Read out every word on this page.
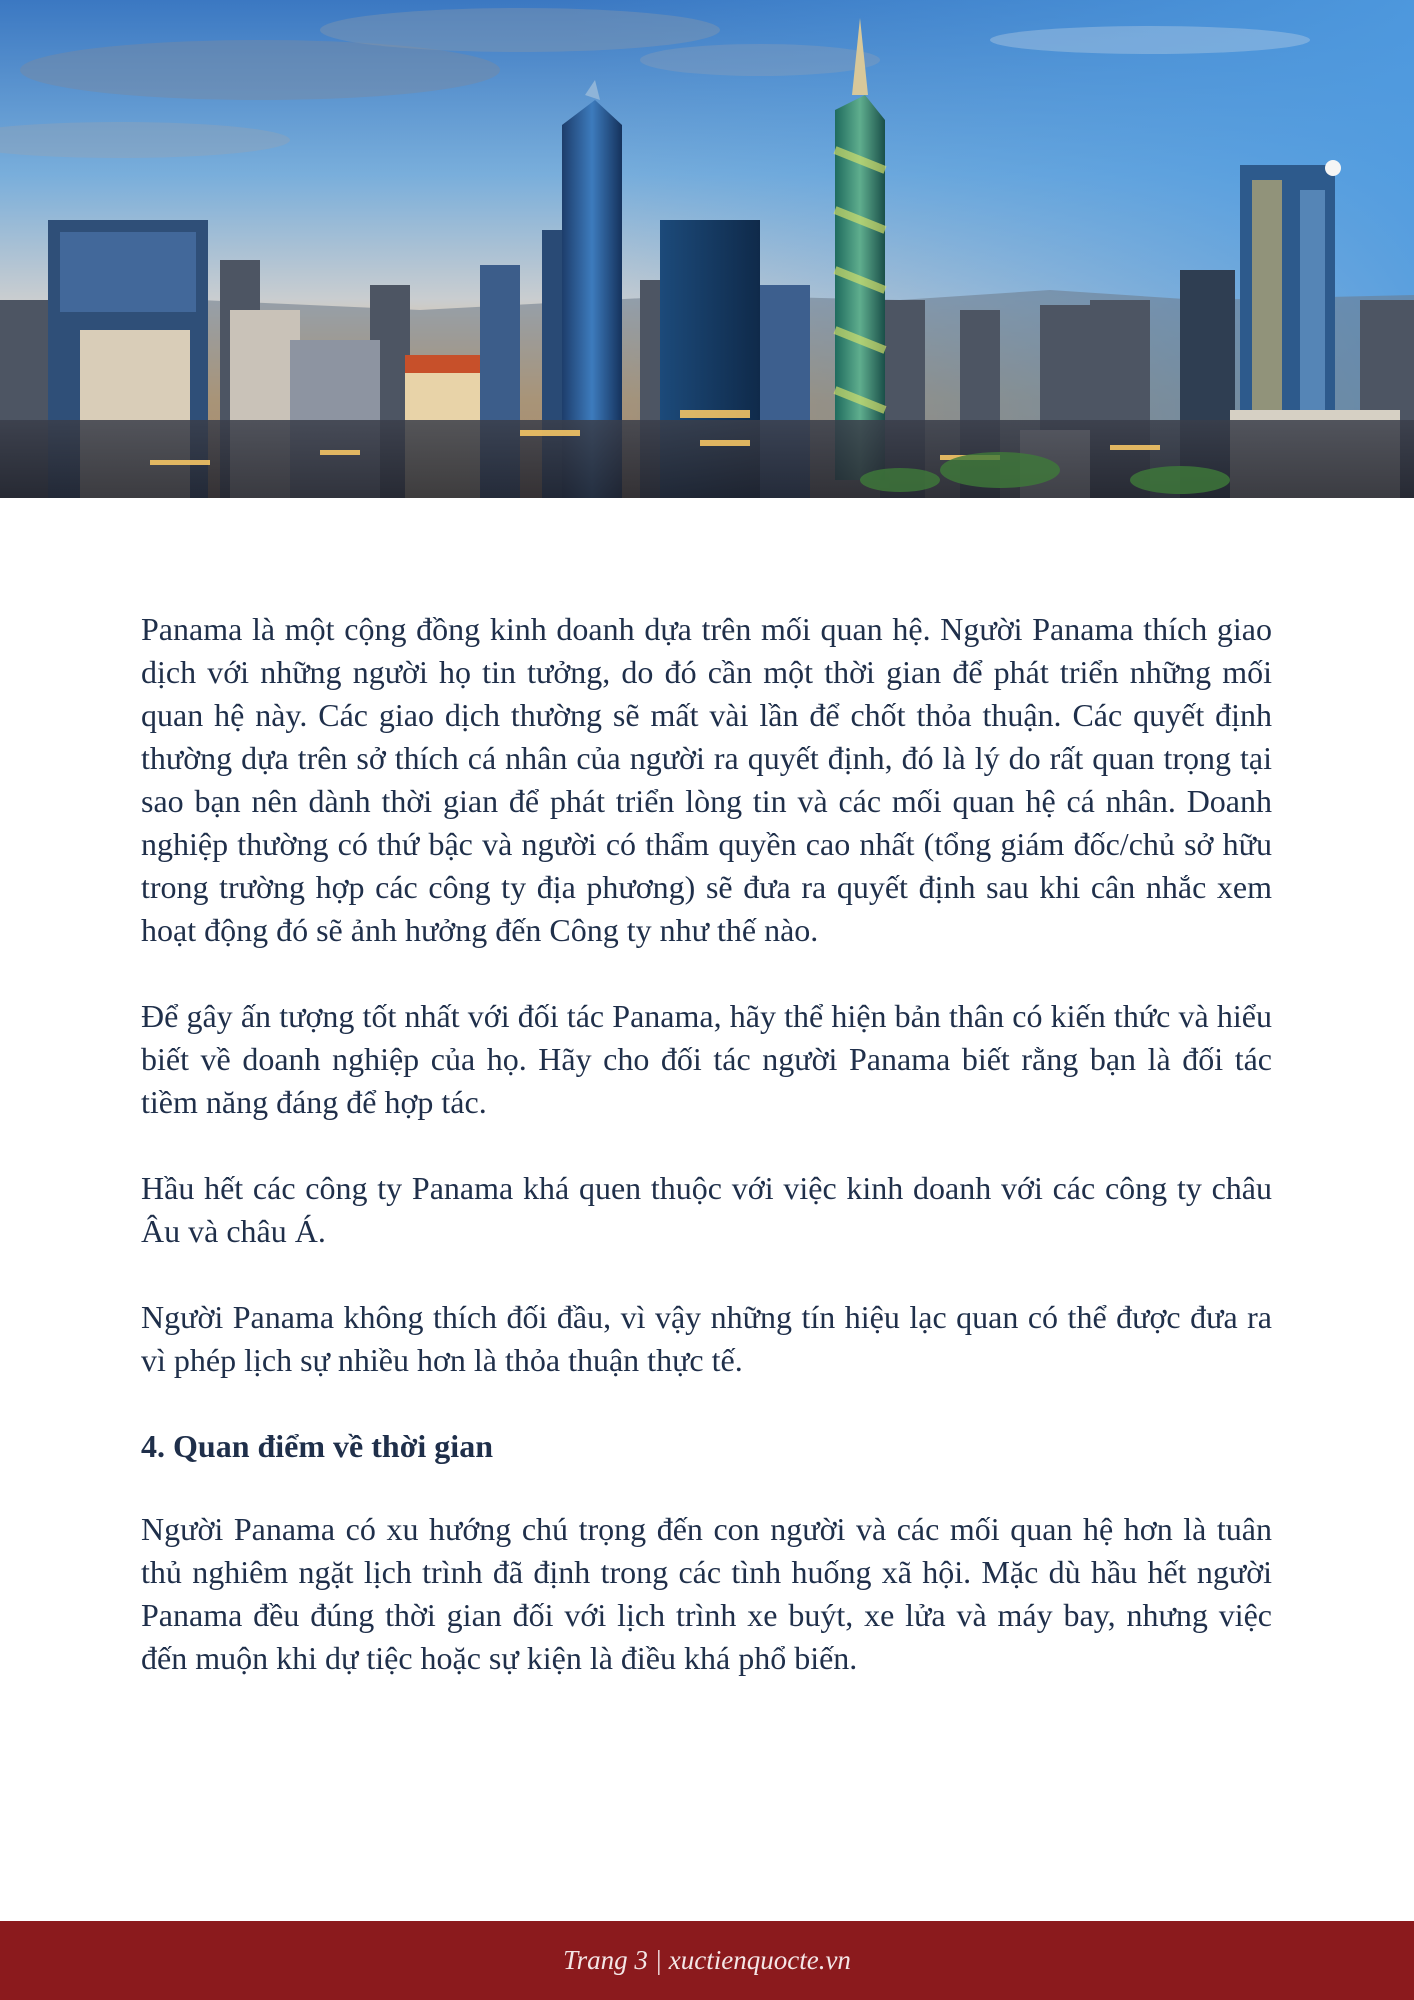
Panama là một cộng đồng kinh doanh dựa trên mối quan hệ. Người Panama thích giao dịch với những người họ tin tưởng, do đó cần một thời gian để phát triển những mối quan hệ này. Các giao dịch thường sẽ mất vài lần để chốt thỏa thuận. Các quyết định thường dựa trên sở thích cá nhân của người ra quyết định, đó là lý do rất quan trọng tại sao bạn nên dành thời gian để phát triển lòng tin và các mối quan hệ cá nhân. Doanh nghiệp thường có thứ bậc và người có thẩm quyền cao nhất (tổng giám đốc/chủ sở hữu trong trường hợp các công ty địa phương) sẽ đưa ra quyết định sau khi cân nhắc xem hoạt động đó sẽ ảnh hưởng đến Công ty như thế nào.

Để gây ấn tượng tốt nhất với đối tác Panama, hãy thể hiện bản thân có kiến thức và hiểu biết về doanh nghiệp của họ. Hãy cho đối tác người Panama biết rằng bạn là đối tác tiềm năng đáng để hợp tác.

Hầu hết các công ty Panama khá quen thuộc với việc kinh doanh với các công ty châu Âu và châu Á.

Người Panama không thích đối đầu, vì vậy những tín hiệu lạc quan có thể được đưa ra vì phép lịch sự nhiều hơn là thỏa thuận thực tế.

4. Quan điểm về thời gian

Người Panama có xu hướng chú trọng đến con người và các mối quan hệ hơn là tuân thủ nghiêm ngặt lịch trình đã định trong các tình huống xã hội. Mặc dù hầu hết người Panama đều đúng thời gian đối với lịch trình xe buýt, xe lửa và máy bay, nhưng việc đến muộn khi dự tiệc hoặc sự kiện là điều khá phổ biến.

Trang 3 | xuctienquocte.vn
